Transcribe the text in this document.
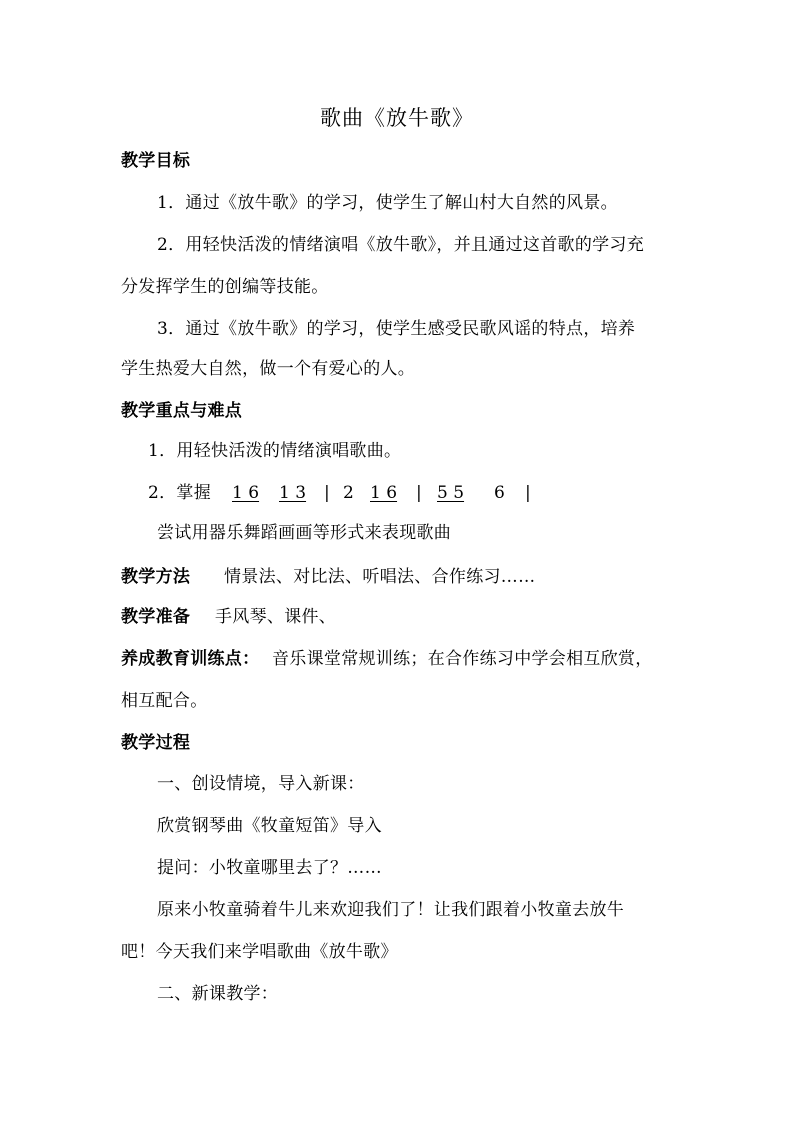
歌曲《放牛歌》
教学目标
1．通过《放牛歌》的学习，使学生了解山村大自然的风景。
2．用轻快活泼的情绪演唱《放牛歌》，并且通过这首歌的学习充
分发挥学生的创编等技能。
3．通过《放牛歌》的学习，使学生感受民歌风谣的特点，培养
学生热爱大自然，做一个有爱心的人。
教学重点与难点
1．用轻快活泼的情绪演唱歌曲。
2．掌握 1 6 1 3 | 2 1 6 | 5 5 6 |
尝试用器乐舞蹈画画等形式来表现歌曲
教学方法 情景法、对比法、听唱法、合作练习……
教学准备 手风琴、课件、
养成教育训练点： 音乐课堂常规训练；在合作练习中学会相互欣赏，
相互配合。
教学过程
一、创设情境，导入新课：
欣赏钢琴曲《牧童短笛》导入
提问：小牧童哪里去了？……
原来小牧童骑着牛儿来欢迎我们了！让我们跟着小牧童去放牛
吧！今天我们来学唱歌曲《放牛歌》
二、新课教学：
